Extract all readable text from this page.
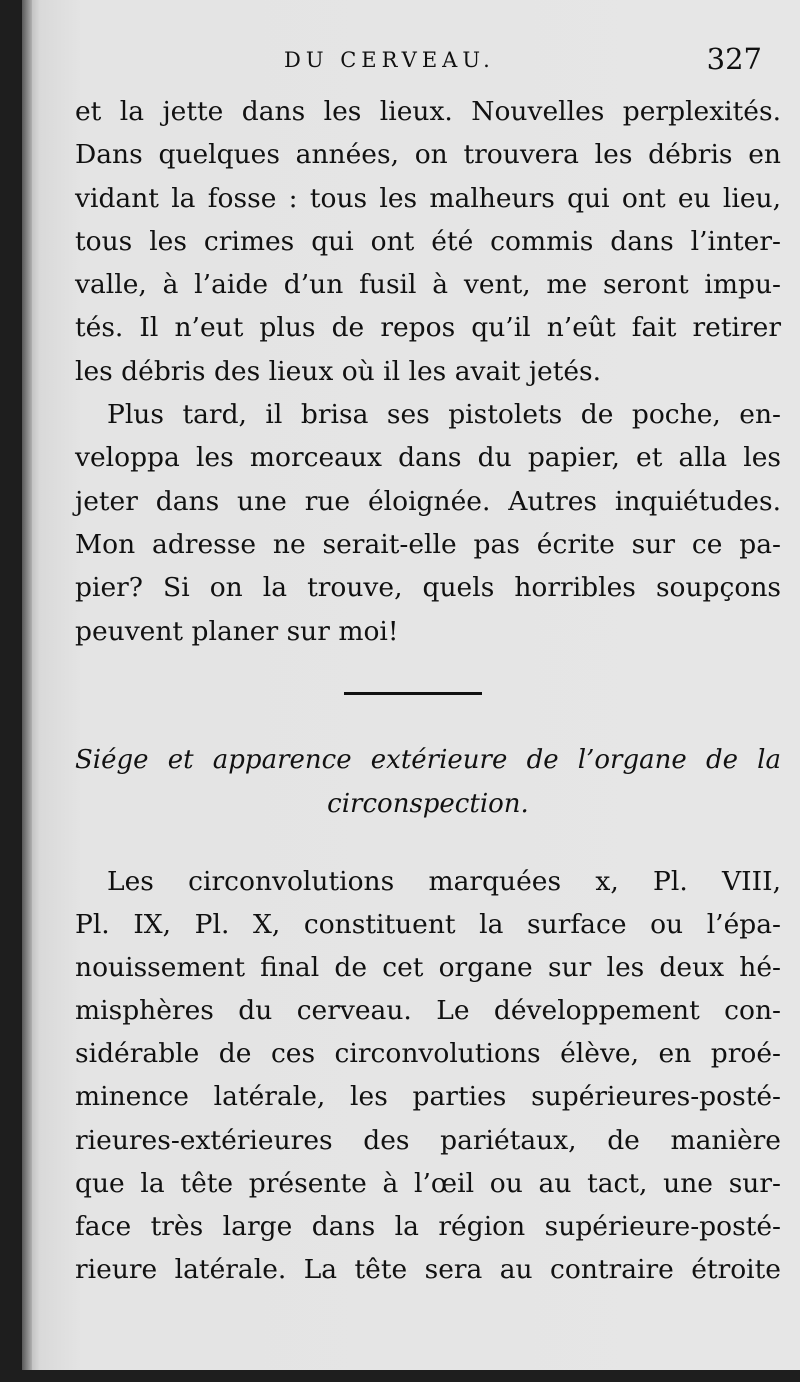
DU CERVEAU.	327
et la jette dans les lieux. Nouvelles perplexités.
Dans quelques années, on trouvera les débris en
vidant la fosse : tous les malheurs qui ont eu lieu,
tous les crimes qui ont été commis dans l’inter-
valle, à l’aide d’un fusil à vent, me seront impu-
tés. Il n’eut plus de repos qu’il n’eût fait retirer
les débris des lieux où il les avait jetés.
Plus tard, il brisa ses pistolets de poche, en-
veloppa les morceaux dans du papier, et alla les
jeter dans une rue éloignée. Autres inquiétudes.
Mon adresse ne serait-elle pas écrite sur ce pa-
pier? Si on la trouve, quels horribles soupçons
peuvent planer sur moi!
Siége et apparence extérieure de l’organe de la
circonspection.
Les circonvolutions marquées x, Pl. VIII,
Pl. IX, Pl. X, constituent la surface ou l’épa-
nouissement final de cet organe sur les deux hé-
misphères du cerveau. Le développement con-
sidérable de ces circonvolutions élève, en proé-
minence latérale, les parties supérieures-posté-
rieures-extérieures des pariétaux, de manière
que la tête présente à l’œil ou au tact, une sur-
face très large dans la région supérieure-posté-
rieure latérale. La tête sera au contraire étroite
